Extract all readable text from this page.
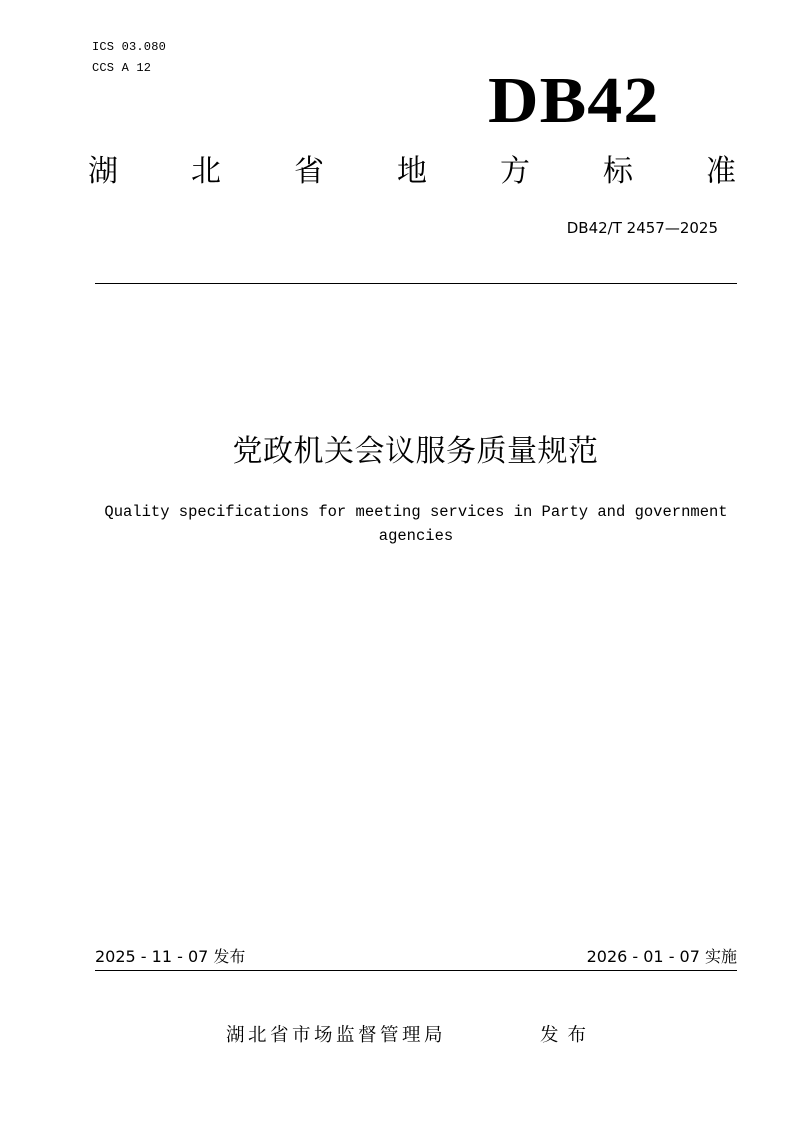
ICS 03.080
CCS A 12	DB42
湖 北 省 地 方 标 准
DB42/T 2457—2025
党政机关会议服务质量规范
Quality specifications for meeting services in Party and government agencies
2025 - 11 - 07 发布	2026 - 01 - 07 实施
湖北省市场监督管理局	发布
